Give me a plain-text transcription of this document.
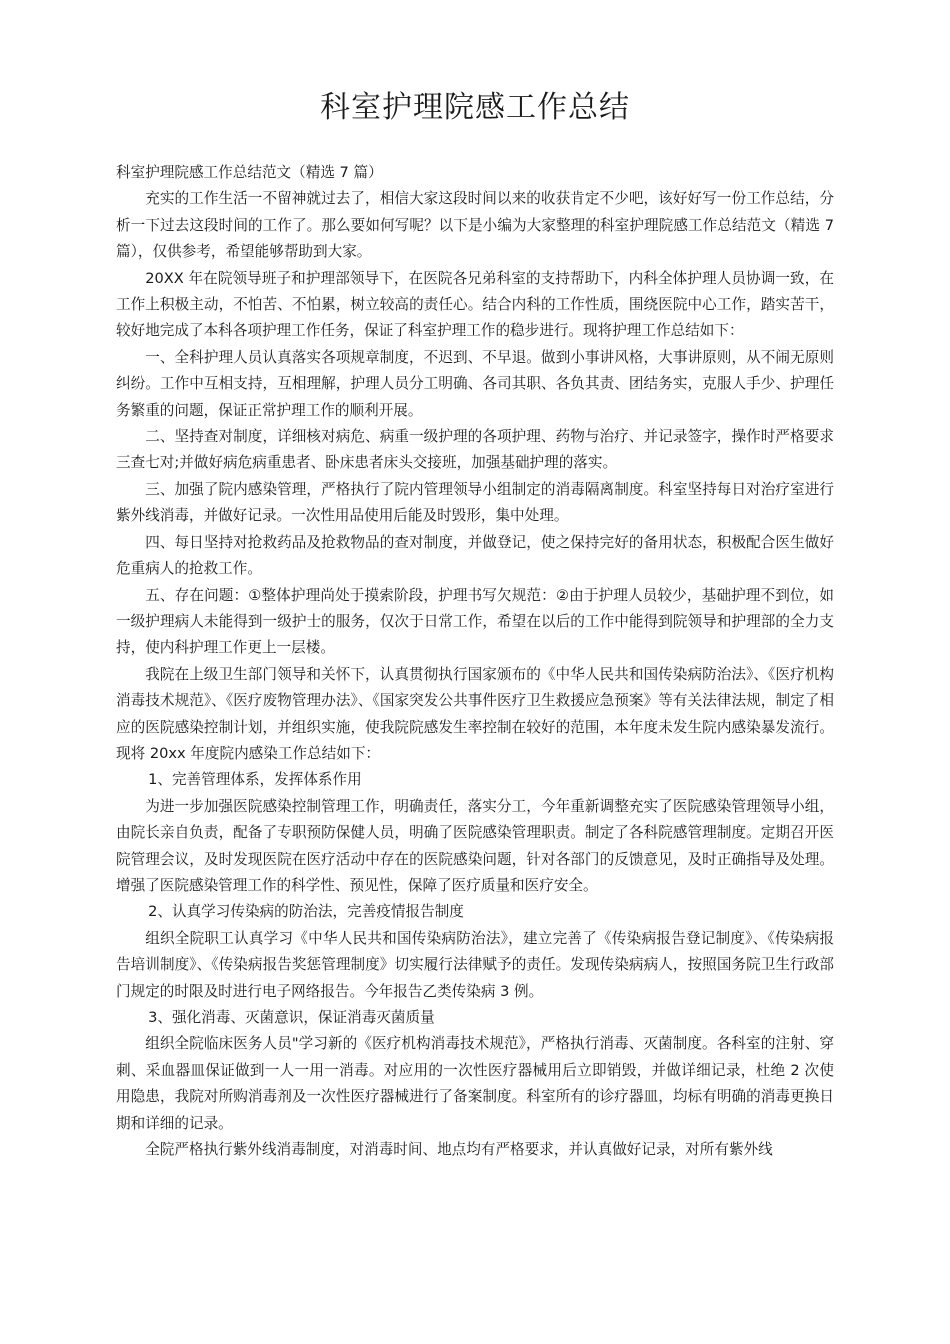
科室护理院感工作总结

科室护理院感工作总结范文（精选 7 篇）

充实的工作生活一不留神就过去了，相信大家这段时间以来的收获肯定不少吧，该好好写一份工作总结，分析一下过去这段时间的工作了。那么要如何写呢？以下是小编为大家整理的科室护理院感工作总结范文（精选 7 篇），仅供参考，希望能够帮助到大家。

20XX 年在院领导班子和护理部领导下，在医院各兄弟科室的支持帮助下，内科全体护理人员协调一致，在工作上积极主动，不怕苦、不怕累，树立较高的责任心。结合内科的工作性质，围绕医院中心工作，踏实苦干，较好地完成了本科各项护理工作任务，保证了科室护理工作的稳步进行。现将护理工作总结如下：

一、全科护理人员认真落实各项规章制度，不迟到、不早退。做到小事讲风格，大事讲原则，从不闹无原则纠纷。工作中互相支持，互相理解，护理人员分工明确、各司其职、各负其责、团结务实，克服人手少、护理任务繁重的问题，保证正常护理工作的顺利开展。

二、坚持查对制度，详细核对病危、病重一级护理的各项护理、药物与治疗、并记录签字，操作时严格要求三查七对;并做好病危病重患者、卧床患者床头交接班，加强基础护理的落实。

三、加强了院内感染管理，严格执行了院内管理领导小组制定的消毒隔离制度。科室坚持每日对治疗室进行紫外线消毒，并做好记录。一次性用品使用后能及时毁形，集中处理。

四、每日坚持对抢救药品及抢救物品的查对制度，并做登记，使之保持完好的备用状态，积极配合医生做好危重病人的抢救工作。

五、存在问题：①整体护理尚处于摸索阶段，护理书写欠规范：②由于护理人员较少，基础护理不到位，如一级护理病人未能得到一级护士的服务，仅次于日常工作，希望在以后的工作中能得到院领导和护理部的全力支持，使内科护理工作更上一层楼。

我院在上级卫生部门领导和关怀下，认真贯彻执行国家颁布的《中华人民共和国传染病防治法》、《医疗机构消毒技术规范》、《医疗废物管理办法》、《国家突发公共事件医疗卫生救援应急预案》等有关法律法规，制定了相应的医院感染控制计划，并组织实施，使我院院感发生率控制在较好的范围，本年度未发生院内感染暴发流行。现将 20xx 年度院内感染工作总结如下：

1、完善管理体系，发挥体系作用

为进一步加强医院感染控制管理工作，明确责任，落实分工，今年重新调整充实了医院感染管理领导小组，由院长亲自负责，配备了专职预防保健人员，明确了医院感染管理职责。制定了各科院感管理制度。定期召开医院管理会议，及时发现医院在医疗活动中存在的医院感染问题，针对各部门的反馈意见，及时正确指导及处理。增强了医院感染管理工作的科学性、预见性，保障了医疗质量和医疗安全。

2、认真学习传染病的防治法，完善疫情报告制度

组织全院职工认真学习《中华人民共和国传染病防治法》，建立完善了《传染病报告登记制度》、《传染病报告培训制度》、《传染病报告奖惩管理制度》切实履行法律赋予的责任。发现传染病病人，按照国务院卫生行政部门规定的时限及时进行电子网络报告。今年报告乙类传染病 3 例。

3、强化消毒、灭菌意识，保证消毒灭菌质量

组织全院临床医务人员"学习新的《医疗机构消毒技术规范》，严格执行消毒、灭菌制度。各科室的注射、穿刺、采血器皿保证做到一人一用一消毒。对应用的一次性医疗器械用后立即销毁，并做详细记录，杜绝 2 次使用隐患，我院对所购消毒剂及一次性医疗器械进行了备案制度。科室所有的诊疗器皿，均标有明确的消毒更换日期和详细的记录。

全院严格执行紫外线消毒制度，对消毒时间、地点均有严格要求，并认真做好记录，对所有紫外线
